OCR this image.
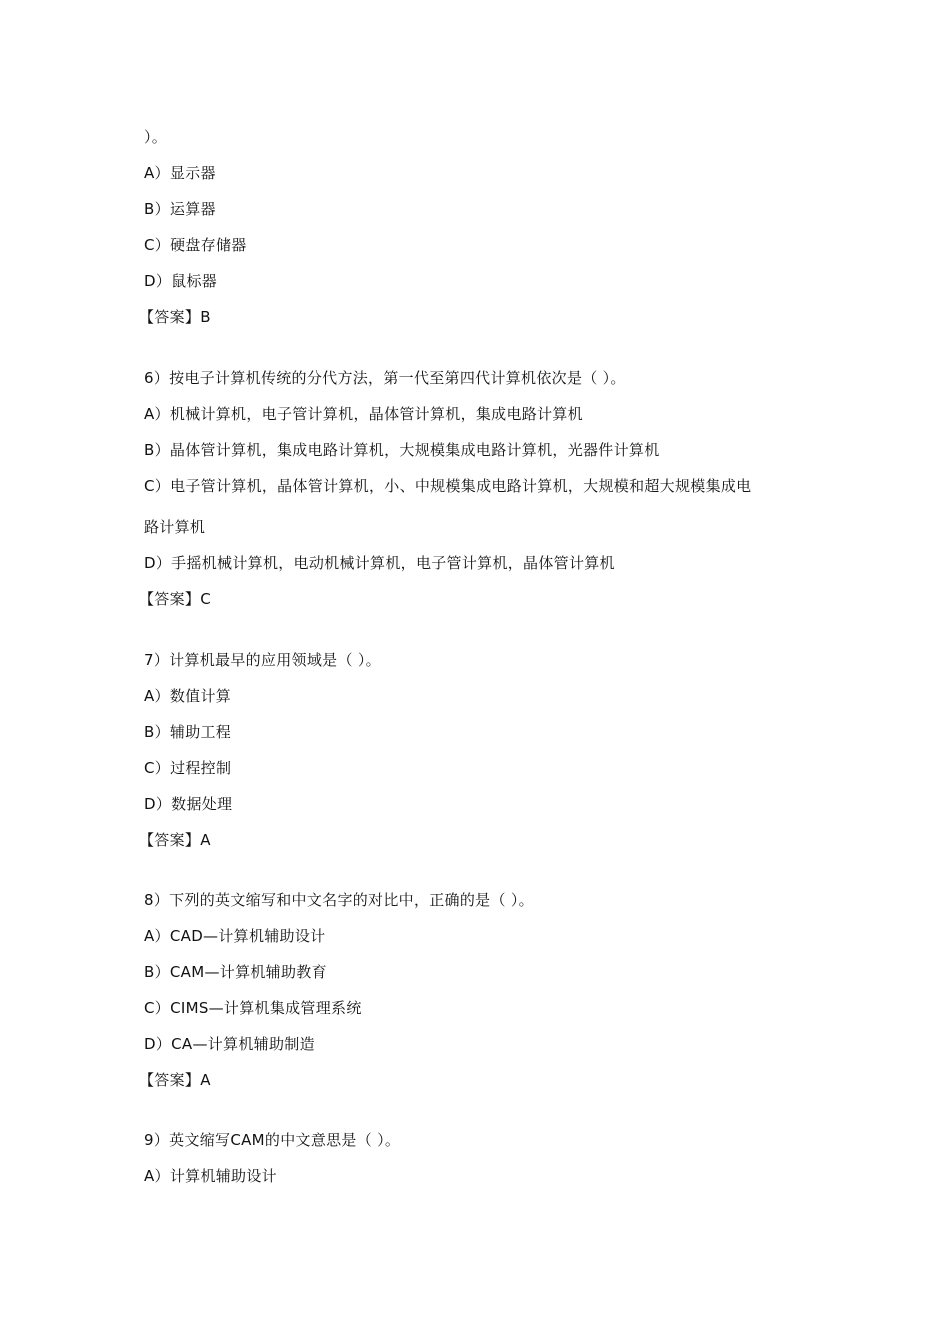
）。
A）显示器
B）运算器
C）硬盘存储器
D）鼠标器
【答案】B
6）按电子计算机传统的分代方法，第一代至第四代计算机依次是（ ）。
A）机械计算机，电子管计算机，晶体管计算机，集成电路计算机
B）晶体管计算机，集成电路计算机，大规模集成电路计算机，光器件计算机
C）电子管计算机，晶体管计算机，小、中规模集成电路计算机，大规模和超大规模集成电
路计算机
D）手摇机械计算机，电动机械计算机，电子管计算机，晶体管计算机
【答案】C
7）计算机最早的应用领域是（ ）。
A）数值计算
B）辅助工程
C）过程控制
D）数据处理
【答案】A
8）下列的英文缩写和中文名字的对比中，正确的是（ ）。
A）CAD—计算机辅助设计
B）CAM—计算机辅助教育
C）CIMS—计算机集成管理系统
D）CA—计算机辅助制造
【答案】A
9）英文缩写CAM的中文意思是（ ）。
A）计算机辅助设计
